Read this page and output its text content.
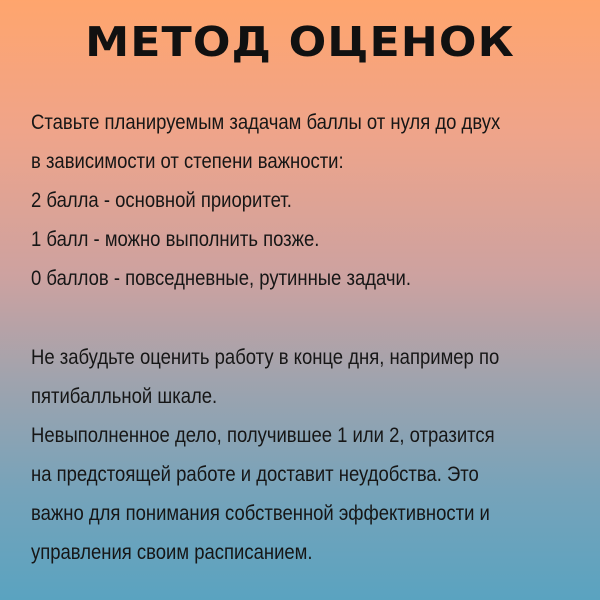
МЕТОД ОЦЕНОК
Ставьте планируемым задачам баллы от нуля до двух
в зависимости от степени важности:
2 балла - основной приоритет.
1 балл - можно выполнить позже.
0 баллов - повседневные, рутинные задачи.
Не забудьте оценить работу в конце дня, например по
пятибалльной шкале.
Невыполненное дело, получившее 1 или 2, отразится
на предстоящей работе и доставит неудобства. Это
важно для понимания собственной эффективности и
управления своим расписанием.
